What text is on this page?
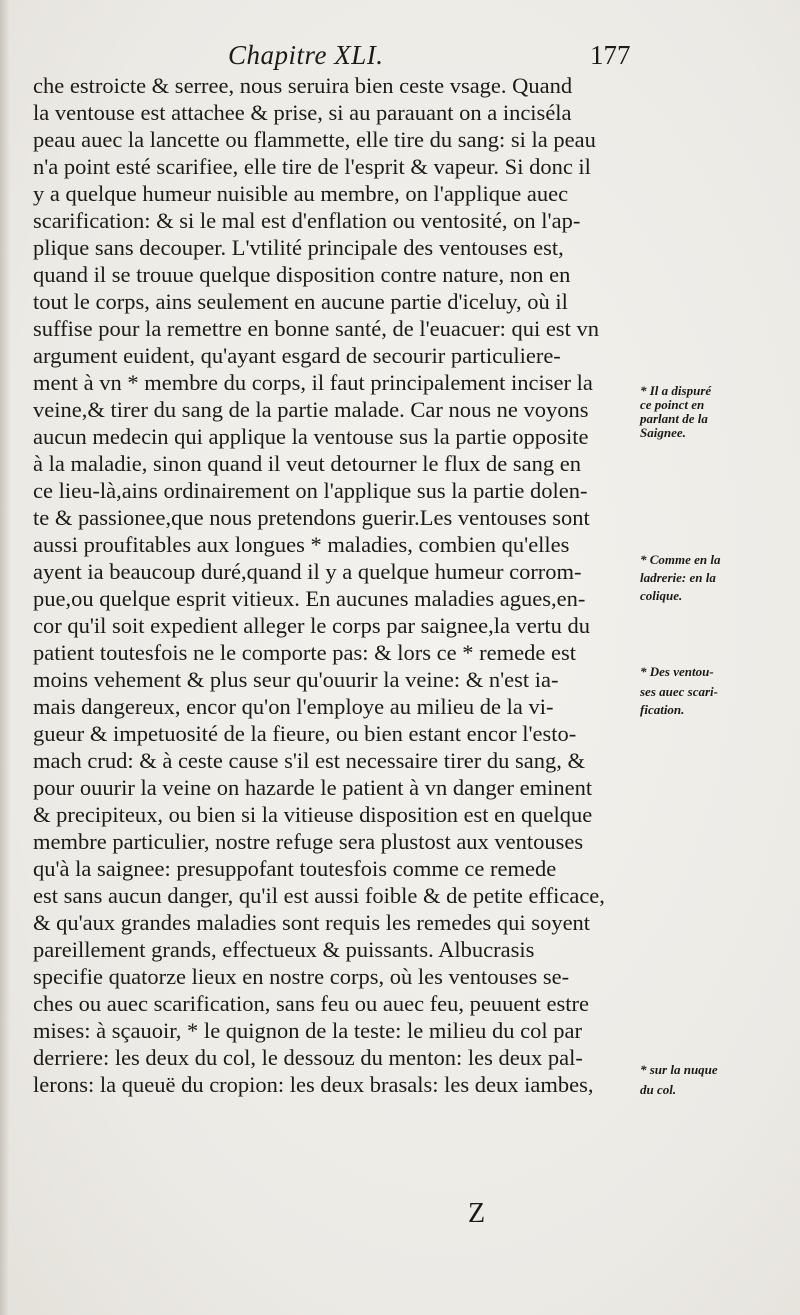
Chapitre XLI.	177
che estroicte & serree, nous seruira bien ceste vsage. Quand
la ventouse est attachee & prise, si au parauant on a inciséla
peau auec la lancette ou flammette, elle tire du sang: si la peau
n'a point esté scarifiee, elle tire de l'esprit & vapeur. Si donc il
y a quelque humeur nuisible au membre, on l'applique auec
scarification: & si le mal est d'enflation ou ventosité, on l'ap-
plique sans decouper. L'vtilité principale des ventouses est,
quand il se trouue quelque disposition contre nature, non en
tout le corps, ains seulement en aucune partie d'iceluy, où il
suffise pour la remettre en bonne santé, de l'euacuer: qui est vn
argument euident, qu'ayant esgard de secourir particuliere-
ment à vn * membre du corps, il faut principalement inciser la
veine,& tirer du sang de la partie malade. Car nous ne voyons
aucun medecin qui applique la ventouse sus la partie opposite
à la maladie, sinon quand il veut detourner le flux de sang en
ce lieu-là,ains ordinairement on l'applique sus la partie dolen-
te & passionee,que nous pretendons guerir.Les ventouses sont
aussi proufitables aux longues * maladies, combien qu'elles
ayent ia beaucoup duré,quand il y a quelque humeur corrom-
pue,ou quelque esprit vitieux. En aucunes maladies agues,en-
cor qu'il soit expedient alleger le corps par saignee,la vertu du
patient toutesfois ne le comporte pas: & lors ce * remede est
moins vehement & plus seur qu'ouurir la veine: & n'est ia-
mais dangereux, encor qu'on l'employe au milieu de la vi-
gueur & impetuosité de la fieure, ou bien estant encor l'esto-
mach crud: & à ceste cause s'il est necessaire tirer du sang, &
pour ouurir la veine on hazarde le patient à vn danger eminent
& precipiteux, ou bien si la vitieuse disposition est en quelque
membre particulier, nostre refuge sera plustost aux ventouses
qu'à la saignee: presuppofant toutesfois comme ce remede
est sans aucun danger, qu'il est aussi foible & de petite efficace,
& qu'aux grandes maladies sont requis les remedes qui soyent
pareillement grands, effectueux & puissants. Albucrasis
specifie quatorze lieux en nostre corps, où les ventouses se-
ches ou auec scarification, sans feu ou auec feu, peuuent estre
mises: à sçauoir, * le quignon de la teste: le milieu du col par
derriere: les deux du col, le dessouz du menton: les deux pal-
lerons: la queuë du cropion: les deux brasals: les deux iambes,
* Il a dispuré
ce poinct en
parlant de la
Saignee.
* Comme en la
ladrerie: en la
colique.
* Des ventou-
ses auec scari-
fication.
* sur la nuque
du col.
Z
